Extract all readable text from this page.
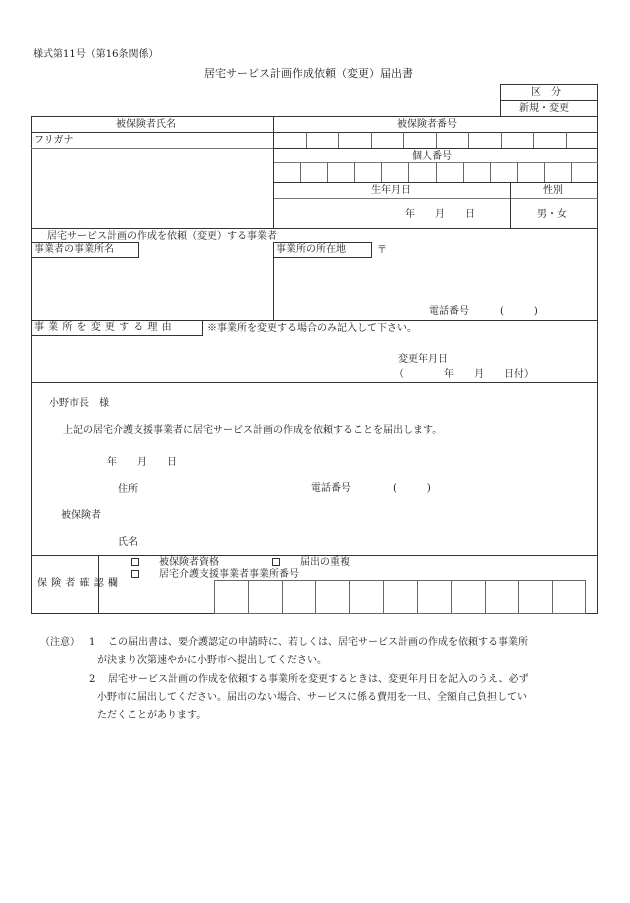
様式第11号（第16条関係）
居宅サービス計画作成依頼（変更）届出書
区　分
新規・変更
被保険者氏名	被保険者番号
フリガナ
個人番号
生年月日	性別
年　　月　　日	男・女
居宅サービス計画の作成を依頼（変更）する事業者
事業者の事業所名	事業所の所在地	〒
電話番号	(　　　)
事 業 所 を 変 更 す る 理 由	※事業所を変更する場合のみ記入して下さい。
変更年月日
（　　　　年　　月　　日付）
小野市長　様
上記の居宅介護支援事業者に居宅サービス計画の作成を依頼することを届出します。
年　　月　　日
住所	電話番号	(　　　)
被保険者
氏名
保 険 者 確 認 欄
被保険者資格	届出の重複
居宅介護支援事業者事業所番号
（注意） 1 この届出書は、要介護認定の申請時に、若しくは、居宅サービス計画の作成を依頼する事業所
が決まり次第速やかに小野市へ提出してください。
2 居宅サービス計画の作成を依頼する事業所を変更するときは、変更年月日を記入のうえ、必ず
小野市に届出してください。届出のない場合、サービスに係る費用を一旦、全額自己負担してい
ただくことがあります。
